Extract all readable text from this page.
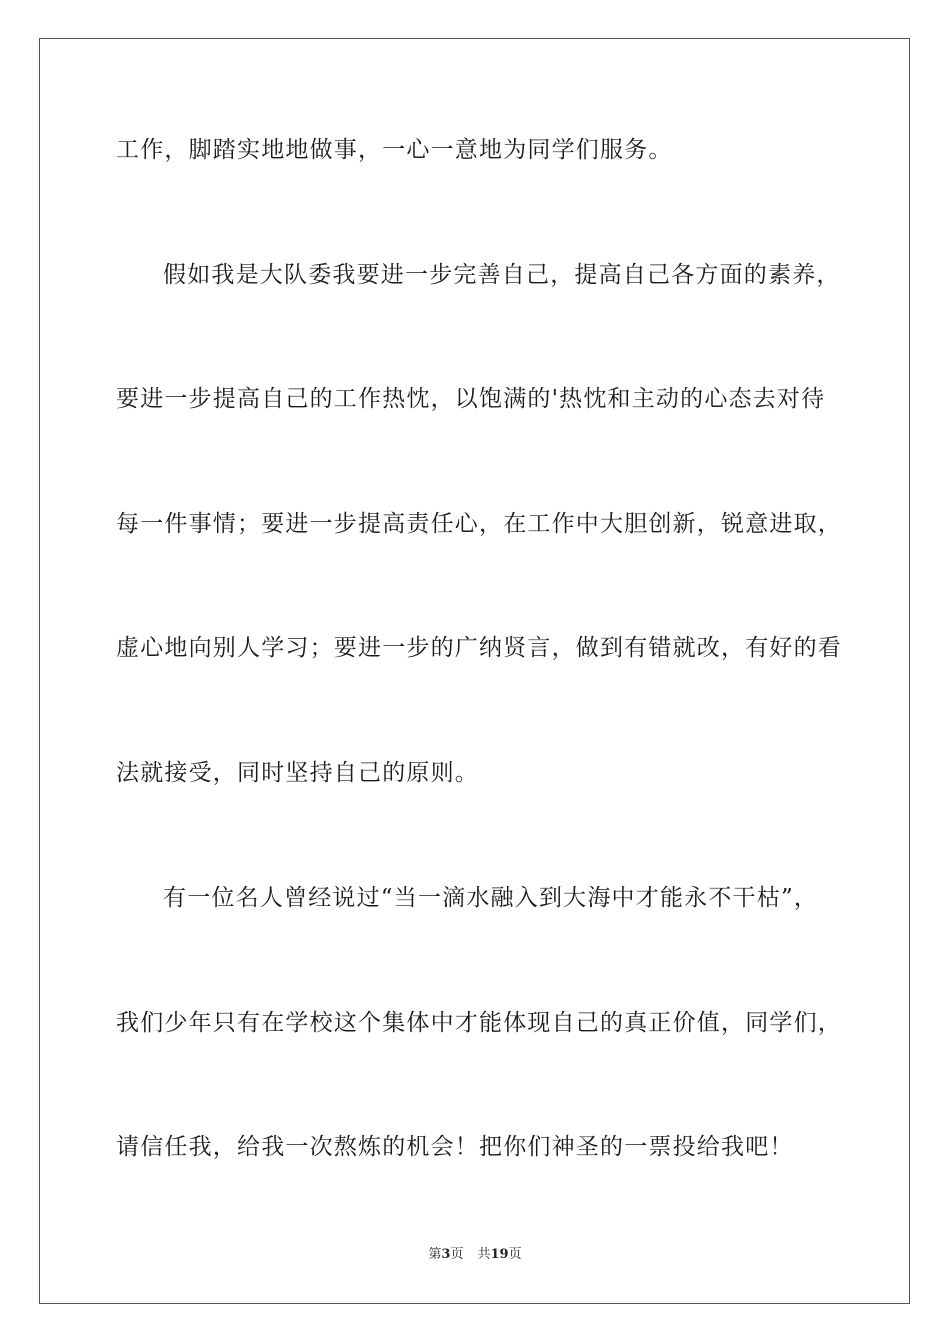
工作，脚踏实地地做事，一心一意地为同学们服务。
假如我是大队委我要进一步完善自己，提高自己各方面的素养，
要进一步提高自己的工作热忱，以饱满的'热忱和主动的心态去对待
每一件事情；要进一步提高责任心，在工作中大胆创新，锐意进取，
虚心地向别人学习；要进一步的广纳贤言，做到有错就改，有好的看
法就接受，同时坚持自己的原则。
有一位名人曾经说过“当一滴水融入到大海中才能永不干枯”，
我们少年只有在学校这个集体中才能体现自己的真正价值，同学们，
请信任我，给我一次熬炼的机会！把你们神圣的一票投给我吧！
第3页 共19页
